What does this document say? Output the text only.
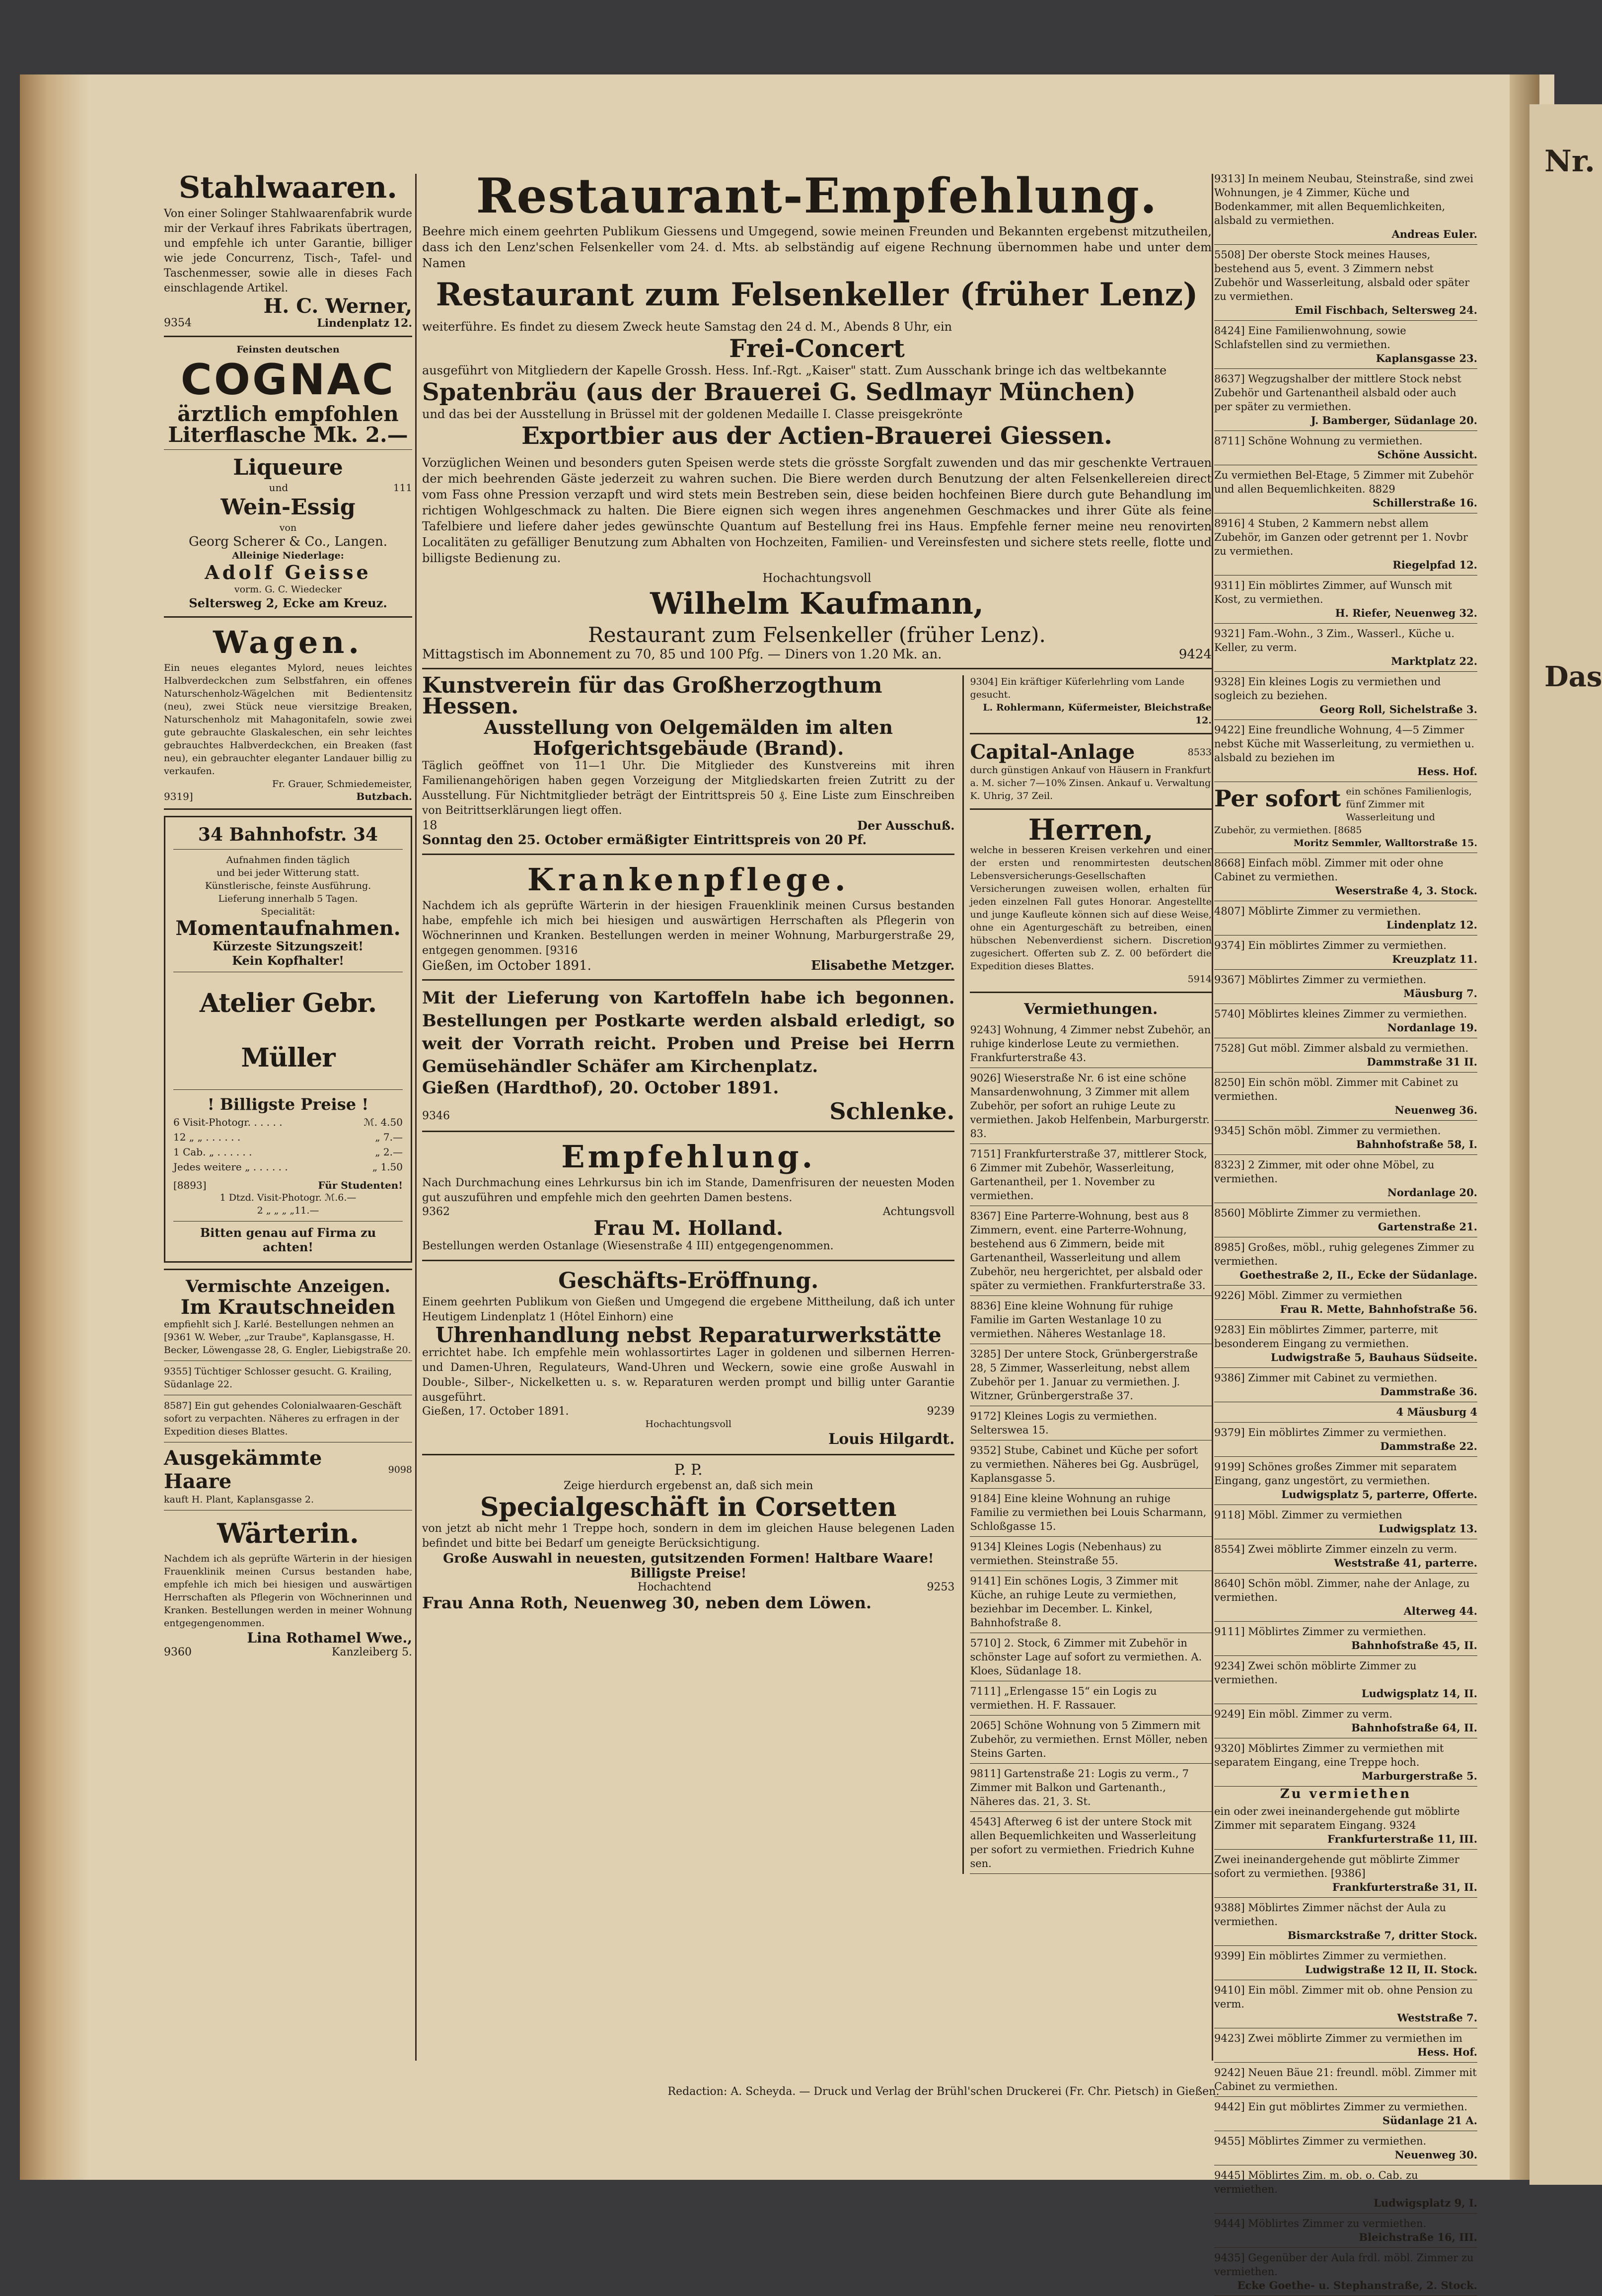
Nr.
Das
Stahlwaaren.

Von einer Solinger Stahlwaarenfabrik wurde mir der Verkauf ihres Fabrikats übertragen, und empfehle ich unter Garantie, billiger wie jede Concurrenz, Tisch-, Tafel- und Taschenmesser, sowie alle in dieses Fach einschlagende Artikel.

H. C. Werner,
9354	Lindenplatz 12.
Feinsten deutschen
COGNAC
ärztlich empfohlen
Literflasche Mk. 2.—
Liqueure
und	111
Wein-Essig
von
Georg Scherer & Co., Langen.
Alleinige Niederlage:
Adolf Geisse
vorm. G. C. Wiedecker
Seltersweg 2, Ecke am Kreuz.
Wagen.

Ein neues elegantes Mylord, neues leichtes Halbverdeckchen zum Selbstfahren, ein offenes Naturschenholz-Wägelchen mit Bedientensitz (neu), zwei Stück neue viersitzige Breaken, Naturschenholz mit Mahagonitafeln, sowie zwei gute gebrauchte Glaskaleschen, ein sehr leichtes gebrauchtes Halbverdeckchen, ein Breaken (fast neu), ein gebrauchter eleganter Landauer billig zu verkaufen.

Fr. Grauer, Schmiedemeister,
9319]	Butzbach.
34 Bahnhofstr. 34
Aufnahmen finden täglich
und bei jeder Witterung statt.
Künstlerische, feinste Ausführung.
Lieferung innerhalb 5 Tagen.
Specialität:
Momentaufnahmen.
Kürzeste Sitzungszeit!
Kein Kopfhalter!
Atelier Gebr. Müller
! Billigste Preise !
6 Visit-Photogr. . . . . .	ℳ. 4.50
12 „ „ . . . . . .	„ 7.—
1 Cab. „ . . . . . .	„ 2.—
Jedes weitere „ . . . . . .	„ 1.50
[8893]	Für Studenten!
1 Dtzd. Visit-Photogr. ℳ.6.—
2 „ „ „ „11.—
Bitten genau auf Firma zu achten!
Vermischte Anzeigen.
Im Krautschneiden

empfiehlt sich J. Karlé. Bestellungen nehmen an [9361 W. Weber, „zur Traube", Kaplansgasse, H. Becker, Löwengasse 28, G. Engler, Liebigstraße 20.

9355] Tüchtiger Schlosser gesucht. G. Krailing, Südanlage 22.

8587] Ein gut gehendes Colonialwaaren-Geschäft sofort zu verpachten. Näheres zu erfragen in der Expedition dieses Blattes.

Ausgekämmte Haare	9098

kauft H. Plant, Kaplansgasse 2.

Wärterin.

Nachdem ich als geprüfte Wärterin in der hiesigen Frauenklinik meinen Cursus bestanden habe, empfehle ich mich bei hiesigen und auswärtigen Herrschaften als Pflegerin von Wöchnerinnen und Kranken. Bestellungen werden in meiner Wohnung entgegengenommen.

Lina Rothamel Wwe.,
9360	Kanzleiberg 5.
Restaurant-Empfehlung.

Beehre mich einem geehrten Publikum Giessens und Umgegend, sowie meinen Freunden und Bekannten ergebenst mitzutheilen, dass ich den Lenz'schen Felsenkeller vom 24. d. Mts. ab selbständig auf eigene Rechnung übernommen habe und unter dem Namen

Restaurant zum Felsenkeller (früher Lenz)

weiterführe. Es findet zu diesem Zweck heute Samstag den 24 d. M., Abends 8 Uhr, ein

Frei-Concert

ausgeführt von Mitgliedern der Kapelle Grossh. Hess. Inf.-Rgt. „Kaiser" statt. Zum Ausschank bringe ich das weltbekannte

Spatenbräu (aus der Brauerei G. Sedlmayr München)

und das bei der Ausstellung in Brüssel mit der goldenen Medaille I. Classe preisgekrönte

Exportbier aus der Actien-Brauerei Giessen.

Vorzüglichen Weinen und besonders guten Speisen werde stets die grösste Sorgfalt zuwenden und das mir geschenkte Vertrauen der mich beehrenden Gäste jederzeit zu wahren suchen. Die Biere werden durch Benutzung der alten Felsenkellereien direct vom Fass ohne Pression verzapft und wird stets mein Bestreben sein, diese beiden hochfeinen Biere durch gute Behandlung im richtigen Wohlgeschmack zu halten. Die Biere eignen sich wegen ihres angenehmen Geschmackes und ihrer Güte als feine Tafelbiere und liefere daher jedes gewünschte Quantum auf Bestellung frei ins Haus. Empfehle ferner meine neu renovirten Localitäten zu gefälliger Benutzung zum Abhalten von Hochzeiten, Familien- und Vereinsfesten und sichere stets reelle, flotte und billigste Bedienung zu.

Hochachtungsvoll
Wilhelm Kaufmann,
Restaurant zum Felsenkeller (früher Lenz).
Mittagstisch im Abonnement zu 70, 85 und 100 Pfg. — Diners von 1.20 Mk. an.	9424
Kunstverein für das Großherzogthum Hessen.
Ausstellung von Oelgemälden im alten Hofgerichtsgebäude (Brand).

Täglich geöffnet von 11—1 Uhr. Die Mitglieder des Kunstvereins mit ihren Familienangehörigen haben gegen Vorzeigung der Mitgliedskarten freien Zutritt zu der Ausstellung. Für Nichtmitglieder beträgt der Eintrittspreis 50 ₰. Eine Liste zum Einschreiben von Beitrittserklärungen liegt offen.

18	Der Ausschuß.
Sonntag den 25. October ermäßigter Eintrittspreis von 20 Pf.
Krankenpflege.

Nachdem ich als geprüfte Wärterin in der hiesigen Frauenklinik meinen Cursus bestanden habe, empfehle ich mich bei hiesigen und auswärtigen Herrschaften als Pflegerin von Wöchnerinnen und Kranken. Bestellungen werden in meiner Wohnung, Marburgerstraße 29, entgegen genommen. [9316

Gießen, im October 1891.	Elisabethe Metzger.

Mit der Lieferung von Kartoffeln habe ich begonnen. Bestellungen per Postkarte werden alsbald erledigt, so weit der Vorrath reicht. Proben und Preise bei Herrn Gemüsehändler Schäfer am Kirchenplatz.

Gießen (Hardthof), 20. October 1891.
9346	Schlenke.
Empfehlung.

Nach Durchmachung eines Lehrkursus bin ich im Stande, Damenfrisuren der neuesten Moden gut auszuführen und empfehle mich den geehrten Damen bestens.

9362	Achtungsvoll
Frau M. Holland.
Bestellungen werden Ostanlage (Wiesenstraße 4 III) entgegengenommen.
Geschäfts-Eröffnung.

Einem geehrten Publikum von Gießen und Umgegend die ergebene Mittheilung, daß ich unter Heutigem Lindenplatz 1 (Hôtel Einhorn) eine

Uhrenhandlung nebst Reparaturwerkstätte

errichtet habe. Ich empfehle mein wohlassortirtes Lager in goldenen und silbernen Herren- und Damen-Uhren, Regulateurs, Wand-Uhren und Weckern, sowie eine große Auswahl in Double-, Silber-, Nickelketten u. s. w. Reparaturen werden prompt und billig unter Garantie ausgeführt.

Gießen, 17. October 1891.	9239
Hochachtungsvoll
Louis Hilgardt.
P. P.
Zeige hierdurch ergebenst an, daß sich mein
Specialgeschäft in Corsetten

von jetzt ab nicht mehr 1 Treppe hoch, sondern in dem im gleichen Hause belegenen Laden befindet und bitte bei Bedarf um geneigte Berücksichtigung.

Große Auswahl in neuesten, gutsitzenden Formen! Haltbare Waare! Billigste Preise!
Hochachtend	9253
Frau Anna Roth, Neuenweg 30, neben dem Löwen.

9304] Ein kräftiger Küferlehrling vom Lande gesucht.

L. Rohlermann, Küfermeister, Bleichstraße 12.
Capital-Anlage	8533

durch günstigen Ankauf von Häusern in Frankfurt a. M. sicher 7—10% Zinsen. Ankauf u. Verwaltung K. Uhrig, 37 Zeil.

Herren,

welche in besseren Kreisen verkehren und einer der ersten und renommirtesten deutschen Lebensversicherungs-Gesellschaften Versicherungen zuweisen wollen, erhalten für jeden einzelnen Fall gutes Honorar. Angestellte und junge Kaufleute können sich auf diese Weise, ohne ein Agenturgeschäft zu betreiben, einen hübschen Nebenverdienst sichern. Discretion zugesichert. Offerten sub Z. Z. 00 befördert die Expedition dieses Blattes.

5914
Vermiethungen.
9243] Wohnung, 4 Zimmer nebst Zubehör, an ruhige kinderlose Leute zu vermiethen. Frankfurterstraße 43.
9026] Wieserstraße Nr. 6 ist eine schöne Mansardenwohnung, 3 Zimmer mit allem Zubehör, per sofort an ruhige Leute zu vermiethen. Jakob Helfenbein, Marburgerstr. 83.
7151] Frankfurterstraße 37, mittlerer Stock, 6 Zimmer mit Zubehör, Wasserleitung, Gartenantheil, per 1. November zu vermiethen.
8367] Eine Parterre-Wohnung, best aus 8 Zimmern, event. eine Parterre-Wohnung, bestehend aus 6 Zimmern, beide mit Gartenantheil, Wasserleitung und allem Zubehör, neu hergerichtet, per alsbald oder später zu vermiethen. Frankfurterstraße 33.
8836] Eine kleine Wohnung für ruhige Familie im Garten Westanlage 10 zu vermiethen. Näheres Westanlage 18.
3285] Der untere Stock, Grünbergerstraße 28, 5 Zimmer, Wasserleitung, nebst allem Zubehör per 1. Januar zu vermiethen. J. Witzner, Grünbergerstraße 37.
9172] Kleines Logis zu vermiethen. Selterswea 15.
9352] Stube, Cabinet und Küche per sofort zu vermiethen. Näheres bei Gg. Ausbrügel, Kaplansgasse 5.
9184] Eine kleine Wohnung an ruhige Familie zu vermiethen bei Louis Scharmann, Schloßgasse 15.
9134] Kleines Logis (Nebenhaus) zu vermiethen. Steinstraße 55.
9141] Ein schönes Logis, 3 Zimmer mit Küche, an ruhige Leute zu vermiethen, beziehbar im December. L. Kinkel, Bahnhofstraße 8.
5710] 2. Stock, 6 Zimmer mit Zubehör in schönster Lage auf sofort zu vermiethen. A. Kloes, Südanlage 18.
7111] „Erlengasse 15“ ein Logis zu vermiethen. H. F. Rassauer.
2065] Schöne Wohnung von 5 Zimmern mit Zubehör, zu vermiethen. Ernst Möller, neben Steins Garten.
9811] Gartenstraße 21: Logis zu verm., 7 Zimmer mit Balkon und Gartenanth., Näheres das. 21, 3. St.
4543] Afterweg 6 ist der untere Stock mit allen Bequemlichkeiten und Wasserleitung per sofort zu vermiethen. Friedrich Kuhne sen.
9313] In meinem Neubau, Steinstraße, sind zwei Wohnungen, je 4 Zimmer, Küche und Bodenkammer, mit allen Bequemlichkeiten, alsbald zu vermiethen.
Andreas Euler.
5508] Der oberste Stock meines Hauses, bestehend aus 5, event. 3 Zimmern nebst Zubehör und Wasserleitung, alsbald oder später zu vermiethen.
Emil Fischbach, Seltersweg 24.
8424] Eine Familienwohnung, sowie Schlafstellen sind zu vermiethen.
Kaplansgasse 23.
8637] Wegzugshalber der mittlere Stock nebst Zubehör und Gartenantheil alsbald oder auch per später zu vermiethen.
J. Bamberger, Südanlage 20.
8711] Schöne Wohnung zu vermiethen.
Schöne Aussicht.
Zu vermiethen Bel-Etage, 5 Zimmer mit Zubehör und allen Bequemlichkeiten. 8829
Schillerstraße 16.
8916] 4 Stuben, 2 Kammern nebst allem Zubehör, im Ganzen oder getrennt per 1. Novbr zu vermiethen.
Riegelpfad 12.
9311] Ein möblirtes Zimmer, auf Wunsch mit Kost, zu vermiethen.
H. Riefer, Neuenweg 32.
9321] Fam.-Wohn., 3 Zim., Wasserl., Küche u. Keller, zu verm.
Marktplatz 22.
9328] Ein kleines Logis zu vermiethen und sogleich zu beziehen.
Georg Roll, Sichelstraße 3.
9422] Eine freundliche Wohnung, 4—5 Zimmer nebst Küche mit Wasserleitung, zu vermiethen u. alsbald zu beziehen im
Hess. Hof.
Per sofort ein schönes Familienlogis, fünf Zimmer mit Wasserleitung und Zubehör, zu vermiethen. [8685
Moritz Semmler, Walltorstraße 15.
8668] Einfach möbl. Zimmer mit oder ohne Cabinet zu vermiethen.
Weserstraße 4, 3. Stock.
4807] Möblirte Zimmer zu vermiethen.
Lindenplatz 12.
9374] Ein möblirtes Zimmer zu vermiethen.
Kreuzplatz 11.
9367] Möblirtes Zimmer zu vermiethen.
Mäusburg 7.
5740] Möblirtes kleines Zimmer zu vermiethen.
Nordanlage 19.
7528] Gut möbl. Zimmer alsbald zu vermiethen.
Dammstraße 31 II.
8250] Ein schön möbl. Zimmer mit Cabinet zu vermiethen.
Neuenweg 36.
9345] Schön möbl. Zimmer zu vermiethen.
Bahnhofstraße 58, I.
8323] 2 Zimmer, mit oder ohne Möbel, zu vermiethen.
Nordanlage 20.
8560] Möblirte Zimmer zu vermiethen.
Gartenstraße 21.
8985] Großes, möbl., ruhig gelegenes Zimmer zu vermiethen.
Goethestraße 2, II., Ecke der Südanlage.
9226] Möbl. Zimmer zu vermiethen
Frau R. Mette, Bahnhofstraße 56.
9283] Ein möblirtes Zimmer, parterre, mit besonderem Eingang zu vermiethen.
Ludwigstraße 5, Bauhaus Südseite.
9386] Zimmer mit Cabinet zu vermiethen.
Dammstraße 36.
4 Mäusburg 4
9379] Ein möblirtes Zimmer zu vermiethen.
Dammstraße 22.
9199] Schönes großes Zimmer mit separatem Eingang, ganz ungestört, zu vermiethen.
Ludwigsplatz 5, parterre, Offerte.
9118] Möbl. Zimmer zu vermiethen
Ludwigsplatz 13.
8554] Zwei möblirte Zimmer einzeln zu verm.
Weststraße 41, parterre.
8640] Schön möbl. Zimmer, nahe der Anlage, zu vermiethen.
Alterweg 44.
9111] Möblirtes Zimmer zu vermiethen.
Bahnhofstraße 45, II.
9234] Zwei schön möblirte Zimmer zu vermiethen.
Ludwigsplatz 14, II.
9249] Ein möbl. Zimmer zu verm.
Bahnhofstraße 64, II.
9320] Möblirtes Zimmer zu vermiethen mit separatem Eingang, eine Treppe hoch.
Marburgerstraße 5.
Zu vermiethen
ein oder zwei ineinandergehende gut möblirte Zimmer mit separatem Eingang. 9324
Frankfurterstraße 11, III.
Zwei ineinandergehende gut möblirte Zimmer sofort zu vermiethen. [9386]
Frankfurterstraße 31, II.
9388] Möblirtes Zimmer nächst der Aula zu vermiethen.
Bismarckstraße 7, dritter Stock.
9399] Ein möblirtes Zimmer zu vermiethen.
Ludwigstraße 12 II, II. Stock.
9410] Ein möbl. Zimmer mit ob. ohne Pension zu verm.
Weststraße 7.
9423] Zwei möblirte Zimmer zu vermiethen im
Hess. Hof.
9242] Neuen Bäue 21: freundl. möbl. Zimmer mit Cabinet zu vermiethen.
9442] Ein gut möblirtes Zimmer zu vermiethen.
Südanlage 21 A.
9455] Möblirtes Zimmer zu vermiethen.
Neuenweg 30.
9445] Möblirtes Zim. m. ob. o. Cab. zu vermiethen.
Ludwigsplatz 9, I.
9444] Möblirtes Zimmer zu vermiethen.
Bleichstraße 16, III.
9435] Gegenüber der Aula frdl. möbl. Zimmer zu vermiethen.
Ecke Goethe- u. Stephanstraße, 2. Stock.
Redaction: A. Scheyda. — Druck und Verlag der Brühl'schen Druckerei (Fr. Chr. Pietsch) in Gießen.
